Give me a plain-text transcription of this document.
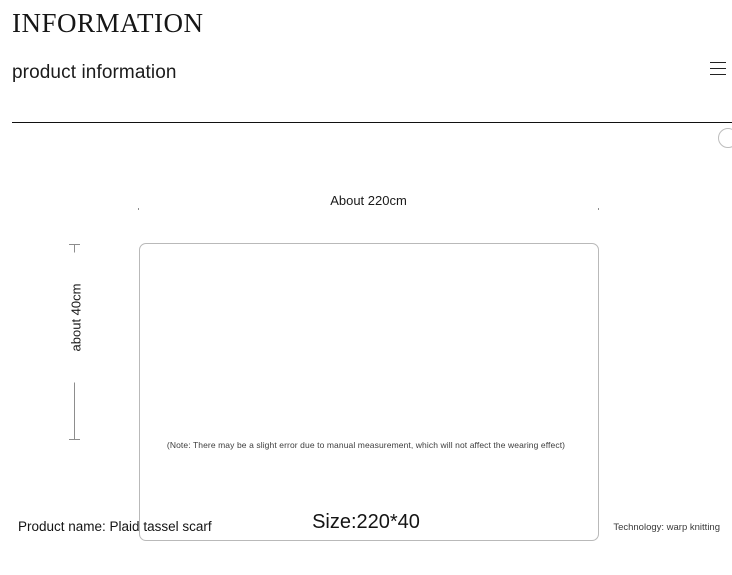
INFORMATION
product information
About 220cm
about 40cm
(Note: There may be a slight error due to manual measurement, which will not affect the wearing effect)
Product name: Plaid tassel scarf	Size:220*40	Technology: warp knitting
